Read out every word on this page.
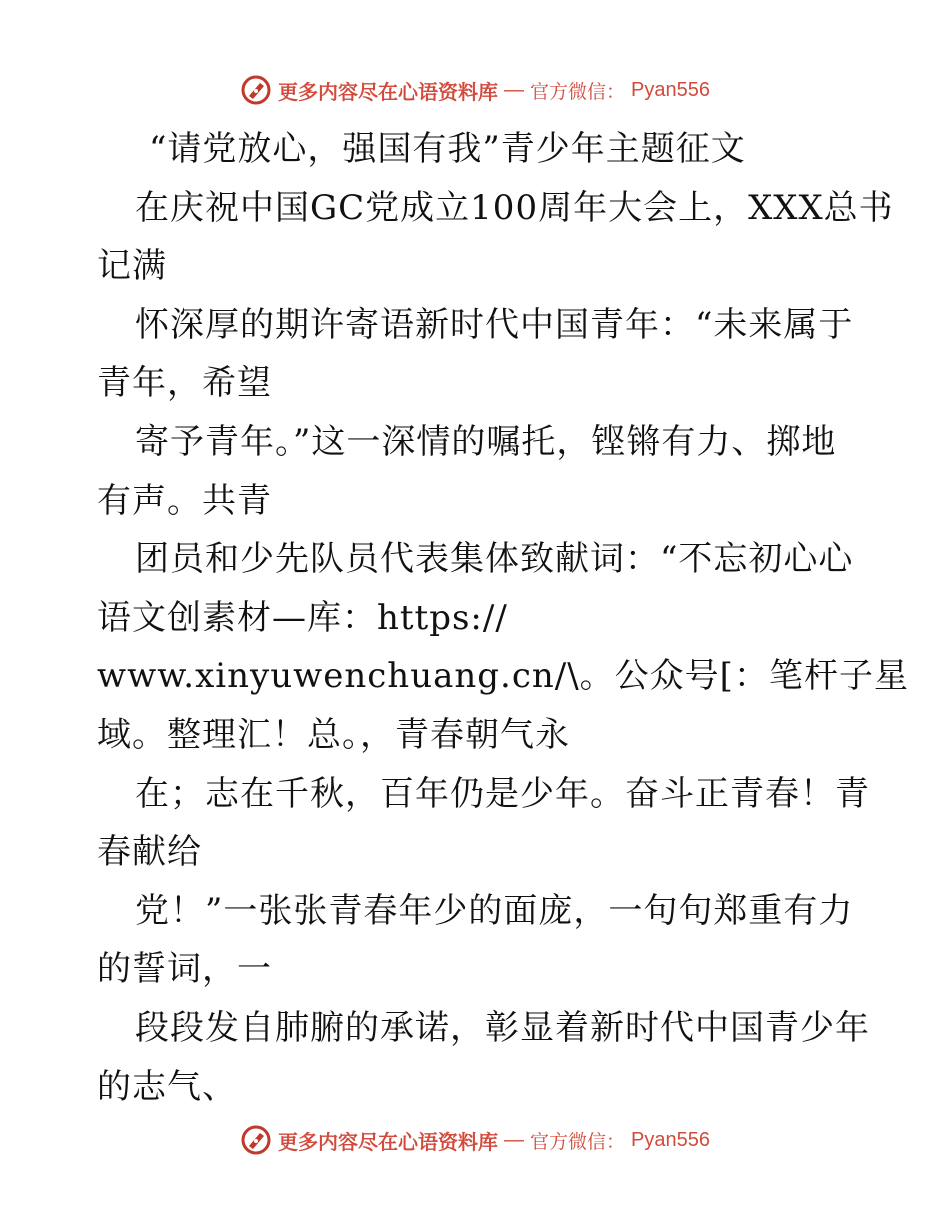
更多内容尽在心语资料库 — 官方微信： Pyan556
“请党放心，强国有我”青少年主题征文
在庆祝中国GC党成立100周年大会上，XXX总书
记满
怀深厚的期许寄语新时代中国青年：“未来属于
青年，希望
寄予青年。”这一深情的嘱托，铿锵有力、掷地
有声。共青
团员和少先队员代表集体致献词：“不忘初心心
语文创素材—库：https://
www.xinyuwenchuang.cn/\。公众号[：笔杆子星
域。整理汇！总。，青春朝气永
在；志在千秋，百年仍是少年。奋斗正青春！青
春献给
党！”一张张青春年少的面庞，一句句郑重有力
的誓词，一
段段发自肺腑的承诺，彰显着新时代中国青少年
的志气、
更多内容尽在心语资料库 — 官方微信： Pyan556
